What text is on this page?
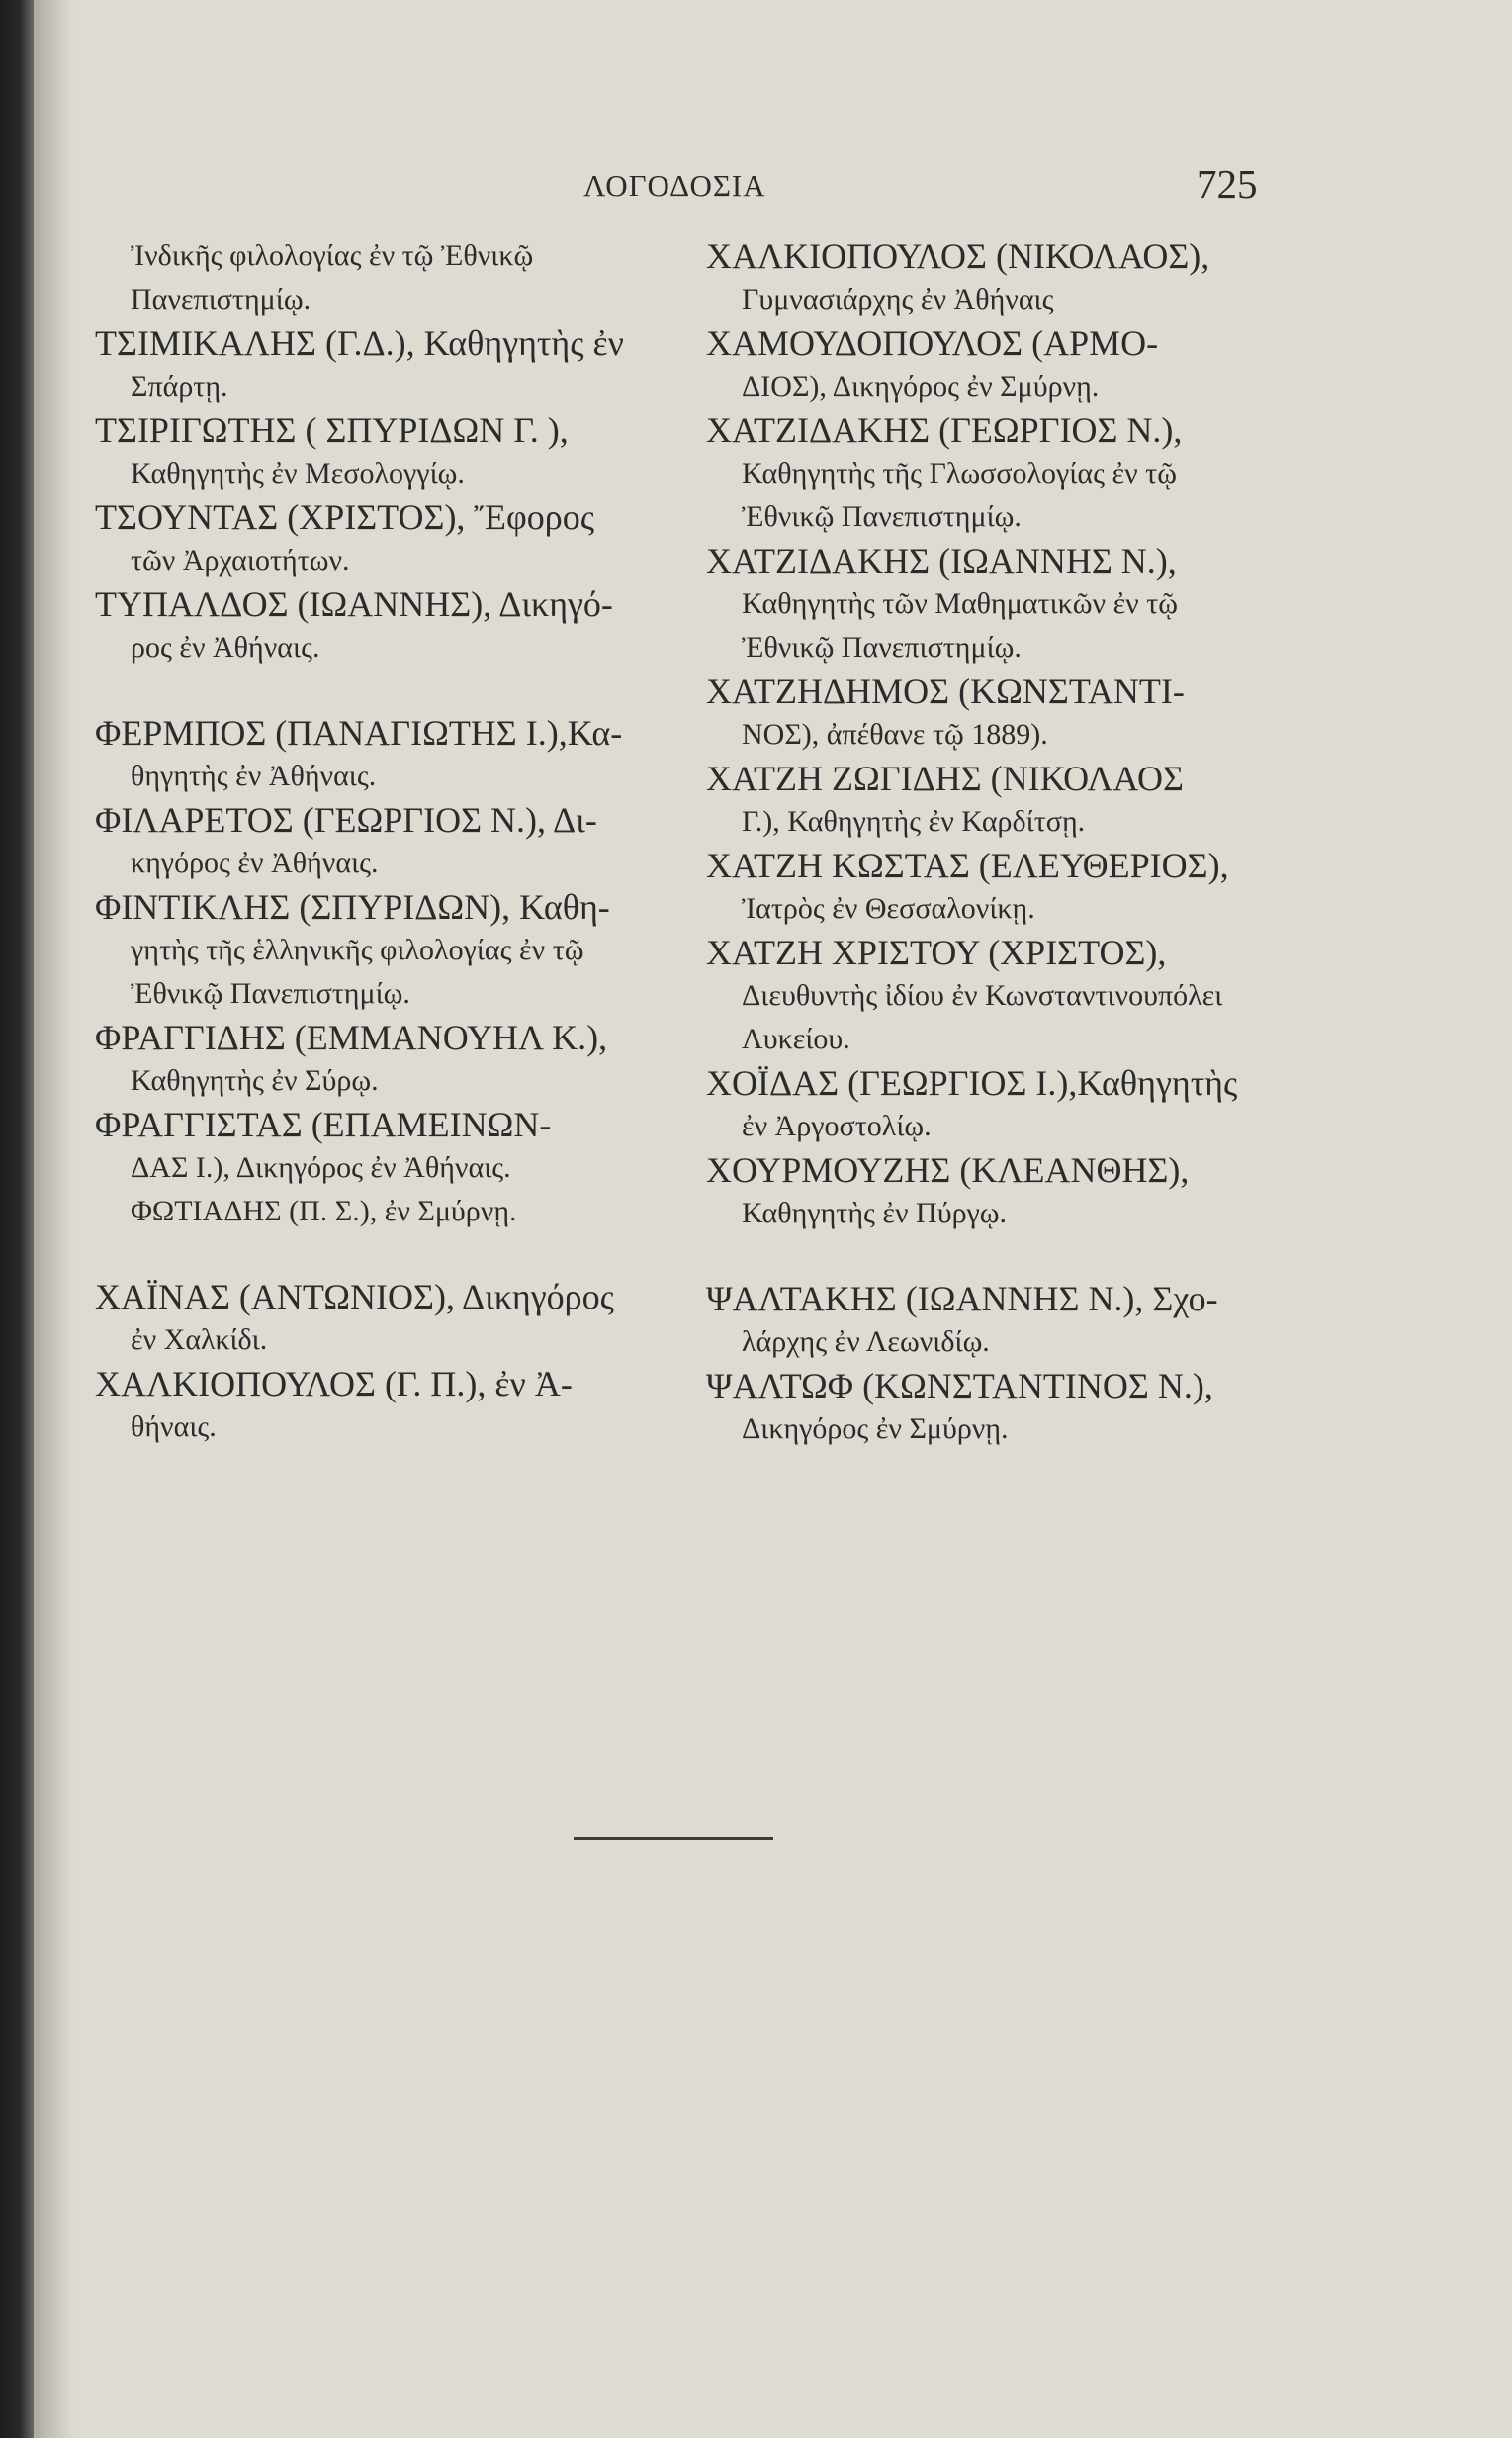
ΛΟΓΟΔΟΣΙΑ	725
Ἰνδικῆς φιλολογίας ἐν τῷ Ἐθνικῷ
Πανεπιστημίῳ.
ΤΣΙΜΙΚΑΛΗΣ (Γ.Δ.), Καθηγητὴς ἐν
Σπάρτῃ.
ΤΣΙΡΙΓΩΤΗΣ ( ΣΠΥΡΙΔΩΝ Γ. ),
Καθηγητὴς ἐν Μεσολογγίῳ.
ΤΣΟΥΝΤΑΣ (ΧΡΙΣΤΟΣ), Ἔφορος
τῶν Ἀρχαιοτήτων.
ΤΥΠΑΛΔΟΣ (ΙΩΑΝΝΗΣ), Δικηγό-
ρος ἐν Ἀθήναις.
ΦΕΡΜΠΟΣ (ΠΑΝΑΓΙΩΤΗΣ Ι.),Κα-
θηγητὴς ἐν Ἀθήναις.
ΦΙΛΑΡΕΤΟΣ (ΓΕΩΡΓΙΟΣ Ν.), Δι-
κηγόρος ἐν Ἀθήναις.
ΦΙΝΤΙΚΛΗΣ (ΣΠΥΡΙΔΩΝ), Καθη-
γητὴς τῆς ἑλληνικῆς φιλολογίας ἐν τῷ
Ἐθνικῷ Πανεπιστημίῳ.
ΦΡΑΓΓΙΔΗΣ (ΕΜΜΑΝΟΥΗΛ Κ.),
Καθηγητὴς ἐν Σύρῳ.
ΦΡΑΓΓΙΣΤΑΣ (ΕΠΑΜΕΙΝΩΝ-
ΔΑΣ Ι.), Δικηγόρος ἐν Ἀθήναις.
ΦΩΤΙΑΔΗΣ (Π. Σ.), ἐν Σμύρνῃ.
ΧΑΪΝΑΣ (ΑΝΤΩΝΙΟΣ), Δικηγόρος
ἐν Χαλκίδι.
ΧΑΛΚΙΟΠΟΥΛΟΣ (Γ. Π.), ἐν Ἀ-
θήναις.
ΧΑΛΚΙΟΠΟΥΛΟΣ (ΝΙΚΟΛΑΟΣ),
Γυμνασιάρχης ἐν Ἀθήναις
ΧΑΜΟΥΔΟΠΟΥΛΟΣ (ΑΡΜΟ-
ΔΙΟΣ), Δικηγόρος ἐν Σμύρνῃ.
ΧΑΤΖΙΔΑΚΗΣ (ΓΕΩΡΓΙΟΣ Ν.),
Καθηγητὴς τῆς Γλωσσολογίας ἐν τῷ
Ἐθνικῷ Πανεπιστημίῳ.
ΧΑΤΖΙΔΑΚΗΣ (ΙΩΑΝΝΗΣ Ν.),
Καθηγητὴς τῶν Μαθηματικῶν ἐν τῷ
Ἐθνικῷ Πανεπιστημίῳ.
ΧΑΤΖΗΔΗΜΟΣ (ΚΩΝΣΤΑΝΤΙ-
ΝΟΣ), ἀπέθανε τῷ 1889).
ΧΑΤΖΗ ΖΩΓΙΔΗΣ (ΝΙΚΟΛΑΟΣ
Γ.), Καθηγητὴς ἐν Καρδίτσῃ.
ΧΑΤΖΗ ΚΩΣΤΑΣ (ΕΛΕΥΘΕΡΙΟΣ),
Ἰατρὸς ἐν Θεσσαλονίκῃ.
ΧΑΤΖΗ ΧΡΙΣΤΟΥ (ΧΡΙΣΤΟΣ),
Διευθυντὴς ἰδίου ἐν Κωνσταντινουπόλει
Λυκείου.
ΧΟΪΔΑΣ (ΓΕΩΡΓΙΟΣ Ι.),Καθηγητὴς
ἐν Ἀργοστολίῳ.
ΧΟΥΡΜΟΥΖΗΣ (ΚΛΕΑΝΘΗΣ),
Καθηγητὴς ἐν Πύργῳ.
ΨΑΛΤΑΚΗΣ (ΙΩΑΝΝΗΣ Ν.), Σχο-
λάρχης ἐν Λεωνιδίῳ.
ΨΑΛΤΩΦ (ΚΩΝΣΤΑΝΤΙΝΟΣ Ν.),
Δικηγόρος ἐν Σμύρνῃ.
